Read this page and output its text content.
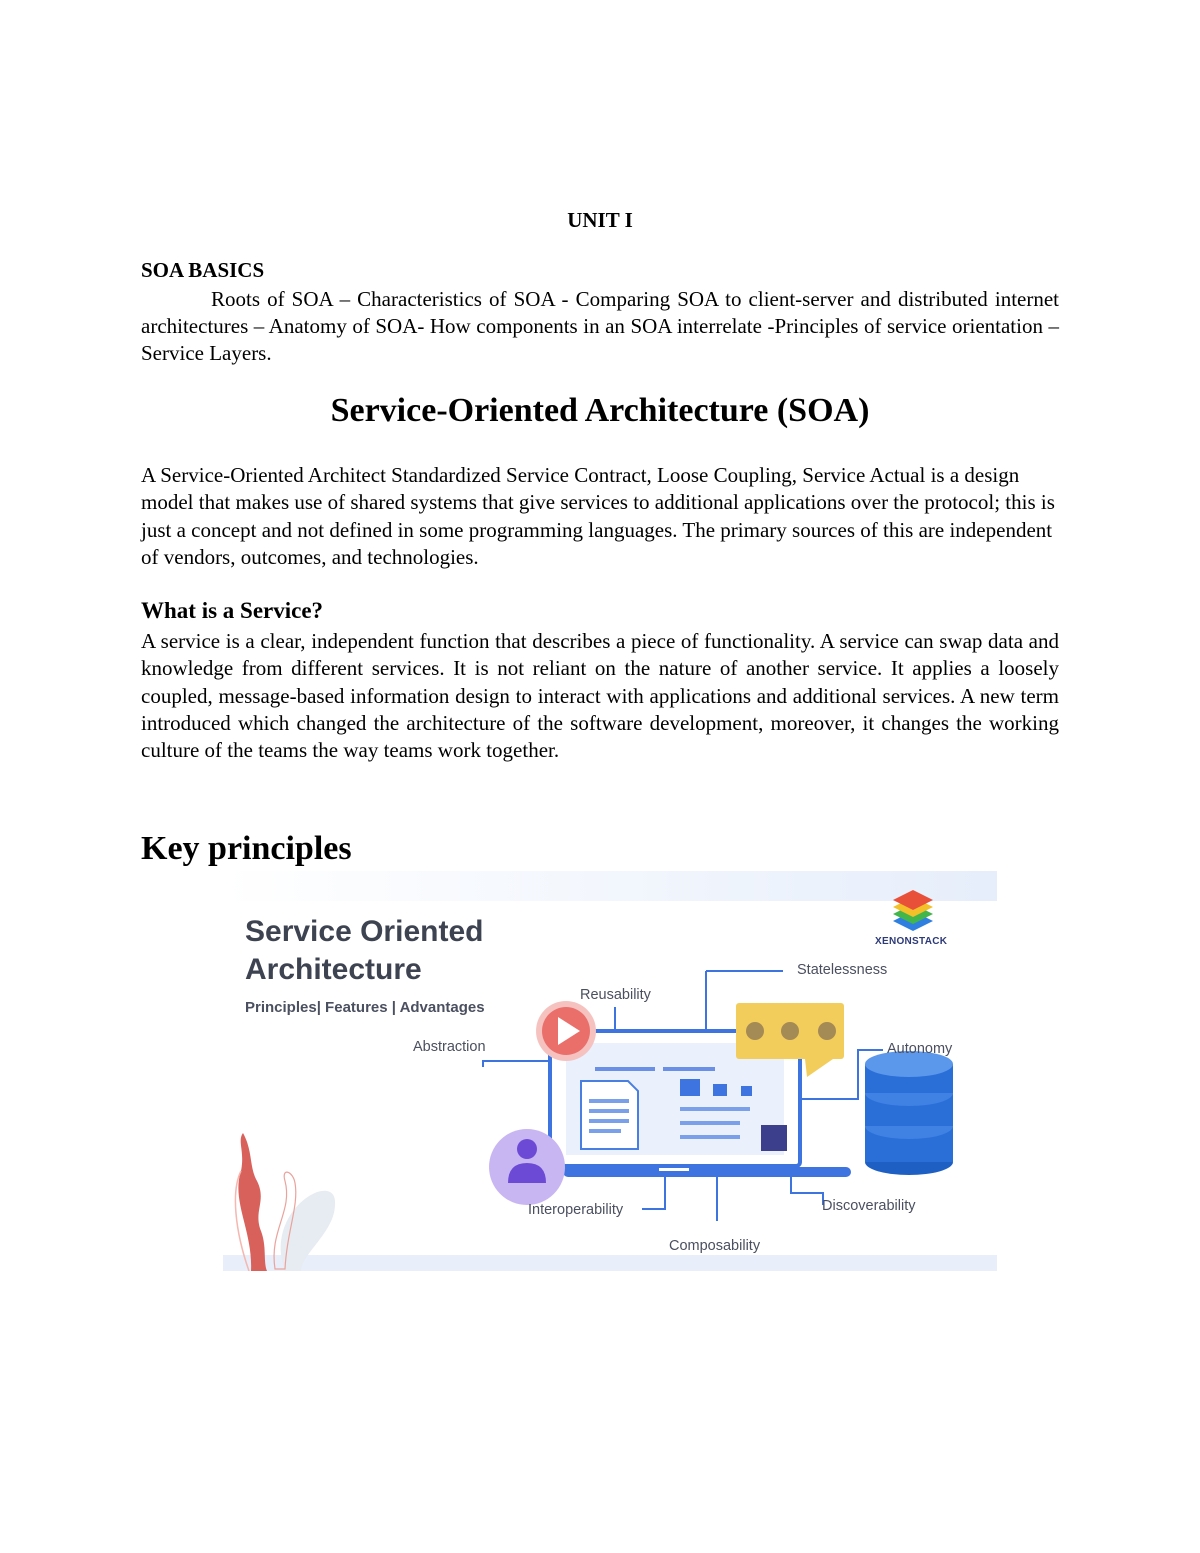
UNIT I
SOA BASICS

Roots of SOA – Characteristics of SOA - Comparing SOA to client-server and distributed internet architectures – Anatomy of SOA- How components in an SOA interrelate -Principles of service orientation – Service Layers.

Service-Oriented Architecture (SOA)

A Service-Oriented Architect Standardized Service Contract, Loose Coupling, Service Actual is a design model that makes use of shared systems that give services to additional applications over the protocol; this is just a concept and not defined in some programming languages. The primary sources of this are independent of vendors, outcomes, and technologies.

What is a Service?

A service is a clear, independent function that describes a piece of functionality. A service can swap data and knowledge from different services. It is not reliant on the nature of another service. It applies a loosely coupled, message-based information design to interact with applications and additional services. A new term introduced which changed the architecture of the software development, moreover, it changes the working culture of the teams the way teams work together.

Key principles
Service Oriented
Architecture
Principles| Features | Advantages
XENONSTACK
Reusability
Statelessness
Abstraction	Autonomy
Interoperability	Discoverability
Composability
